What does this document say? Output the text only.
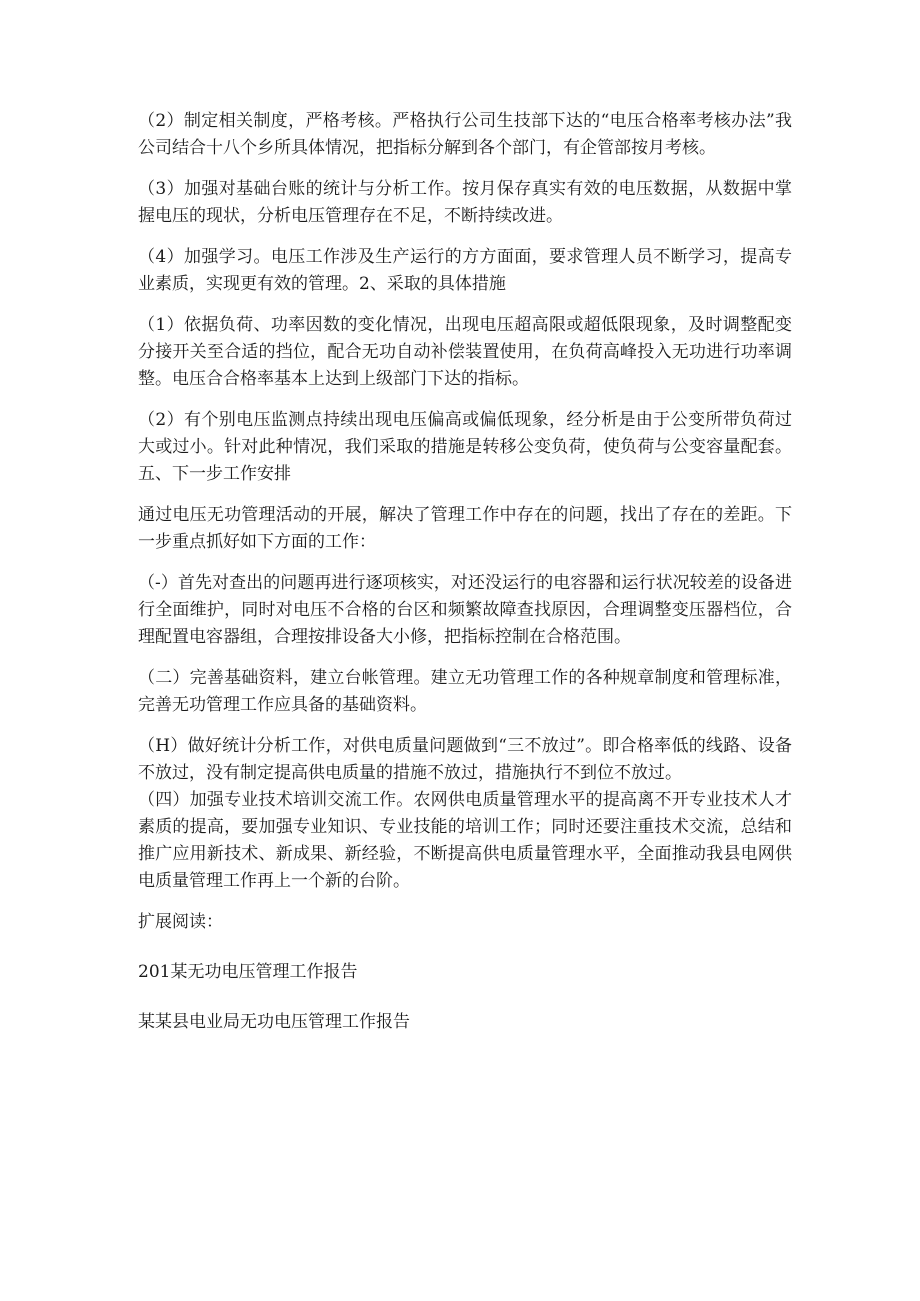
（2）制定相关制度，严格考核。严格执行公司生技部下达的“电压合格率考核办法”我公司结合十八个乡所具体情况，把指标分解到各个部门，有企管部按月考核。

（3）加强对基础台账的统计与分析工作。按月保存真实有效的电压数据，从数据中掌握电压的现状，分析电压管理存在不足，不断持续改进。

（4）加强学习。电压工作涉及生产运行的方方面面，要求管理人员不断学习，提高专业素质，实现更有效的管理。2、采取的具体措施

（1）依据负荷、功率因数的变化情况，出现电压超高限或超低限现象，及时调整配变分接开关至合适的挡位，配合无功自动补偿装置使用，在负荷高峰投入无功进行功率调整。电压合合格率基本上达到上级部门下达的指标。

（2）有个别电压监测点持续出现电压偏高或偏低现象，经分析是由于公变所带负荷过大或过小。针对此种情况，我们采取的措施是转移公变负荷，使负荷与公变容量配套。五、下一步工作安排

通过电压无功管理活动的开展，解决了管理工作中存在的问题，找出了存在的差距。下一步重点抓好如下方面的工作：

（-）首先对查出的问题再进行逐项核实，对还没运行的电容器和运行状况较差的设备进行全面维护，同时对电压不合格的台区和频繁故障查找原因，合理调整变压器档位，合理配置电容器组，合理按排设备大小修，把指标控制在合格范围。

（二）完善基础资料，建立台帐管理。建立无功管理工作的各种规章制度和管理标准，完善无功管理工作应具备的基础资料。

（H）做好统计分析工作，对供电质量问题做到“三不放过”。即合格率低的线路、设备不放过，没有制定提高供电质量的措施不放过，措施执行不到位不放过。

（四）加强专业技术培训交流工作。农网供电质量管理水平的提高离不开专业技术人才素质的提高，要加强专业知识、专业技能的培训工作；同时还要注重技术交流，总结和推广应用新技术、新成果、新经验，不断提高供电质量管理水平，全面推动我县电网供电质量管理工作再上一个新的台阶。

扩展阅读：

201某无功电压管理工作报告

某某县电业局无功电压管理工作报告
